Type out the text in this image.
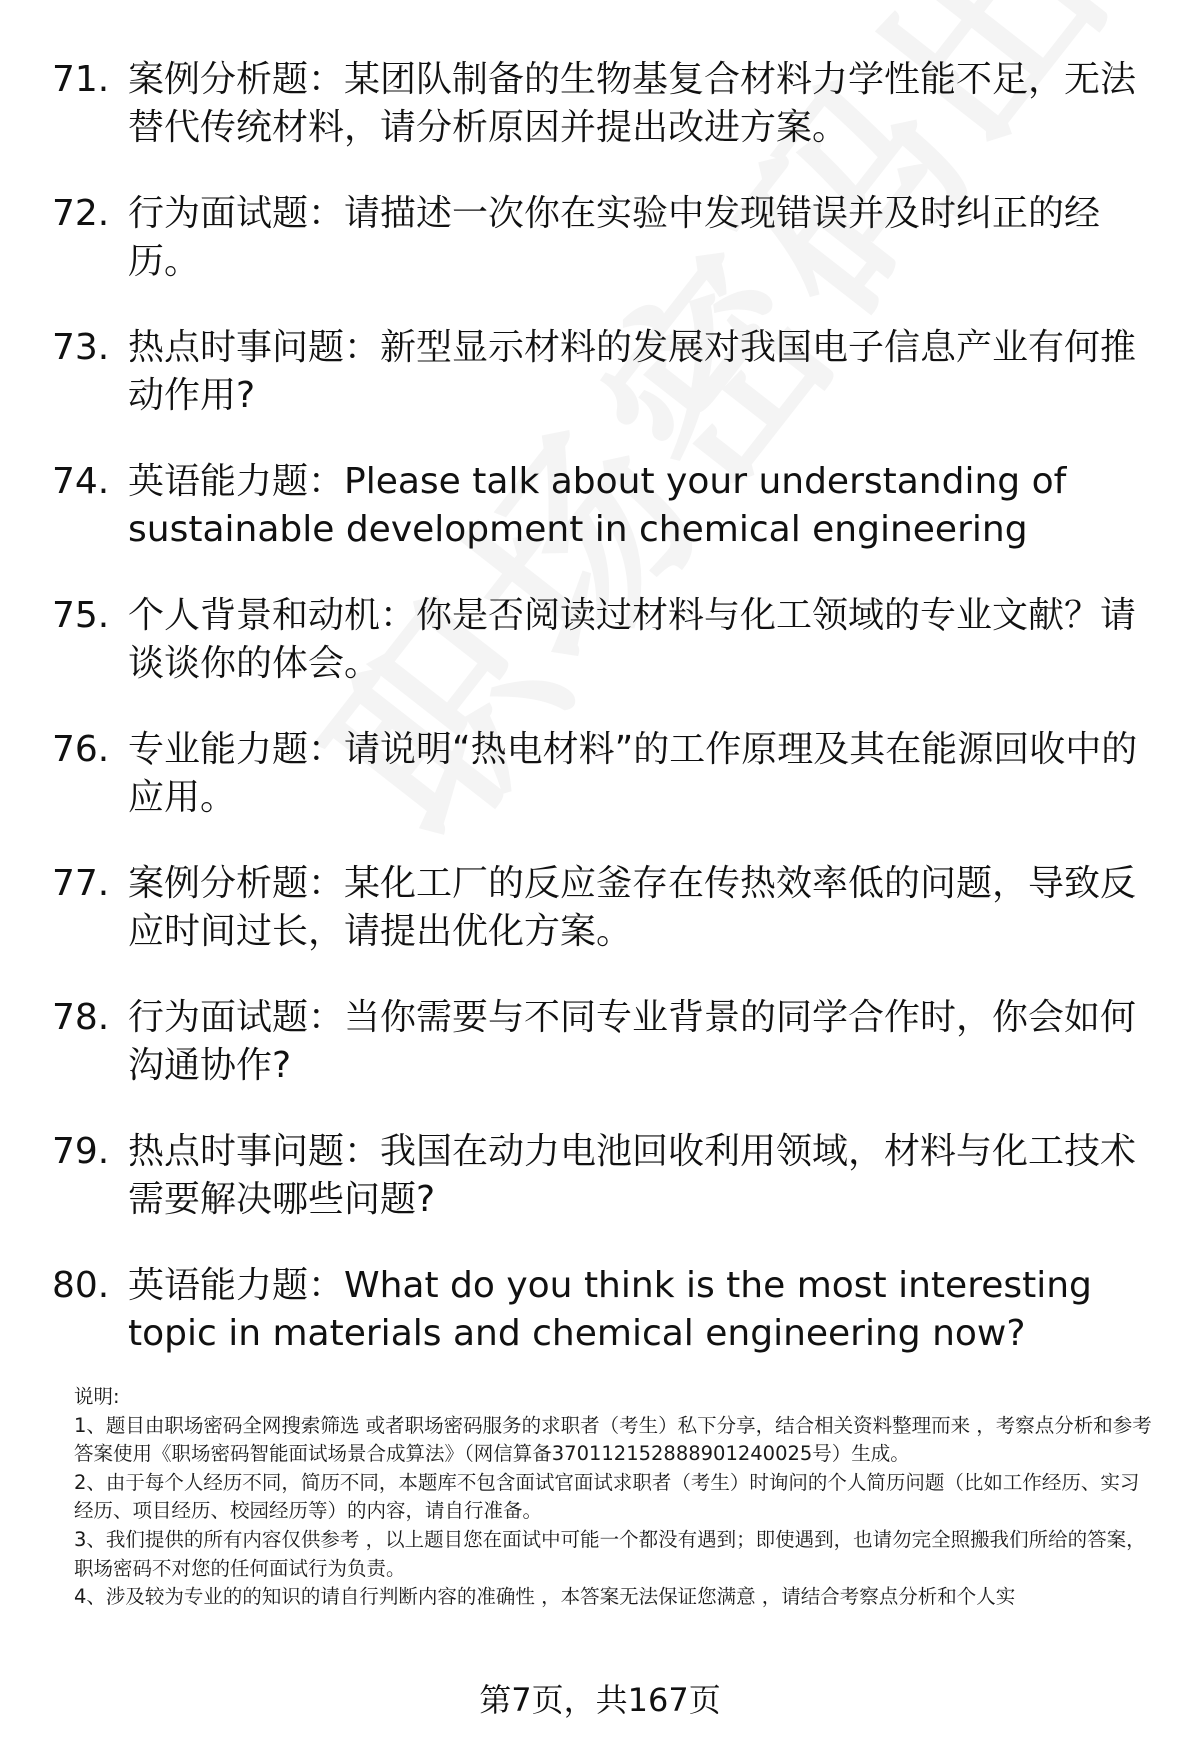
71. 案例分析题：某团队制备的生物基复合材料力学性能不足，无法替代传统材料，请分析原因并提出改进方案。
72. 行为面试题：请描述一次你在实验中发现错误并及时纠正的经历。
73. 热点时事问题：新型显示材料的发展对我国电子信息产业有何推动作用?
74. 英语能力题：Please talk about your understanding of sustainable development in chemical engineering
75. 个人背景和动机：你是否阅读过材料与化工领域的专业文献？请谈谈你的体会。
76. 专业能力题：请说明“热电材料”的工作原理及其在能源回收中的应用。
77. 案例分析题：某化工厂的反应釜存在传热效率低的问题，导致反应时间过长，请提出优化方案。
78. 行为面试题：当你需要与不同专业背景的同学合作时，你会如何沟通协作?
79. 热点时事问题：我国在动力电池回收利用领域，材料与化工技术需要解决哪些问题?
80. 英语能力题：What do you think is the most interesting topic in materials and chemical engineering now?

说明:

1、题目由职场密码全网搜索筛选 或者职场密码服务的求职者（考生）私下分享，结合相关资料整理而来 ，考察点分析和参考答案使用《职场密码智能面试场景合成算法》（网信算备370112152888901240025号）生成。

2、由于每个人经历不同，简历不同，本题库不包含面试官面试求职者（考生）时询问的个人简历问题（比如工作经历、实习经历、项目经历、校园经历等）的内容，请自行准备。

3、我们提供的所有内容仅供参考 ，以上题目您在面试中可能一个都没有遇到；即使遇到，也请勿完全照搬我们所给的答案，职场密码不对您的任何面试行为负责。

4、涉及较为专业的的知识的请自行判断内容的准确性 ，本答案无法保证您满意 ，请结合考察点分析和个人实

第7页，共167页
